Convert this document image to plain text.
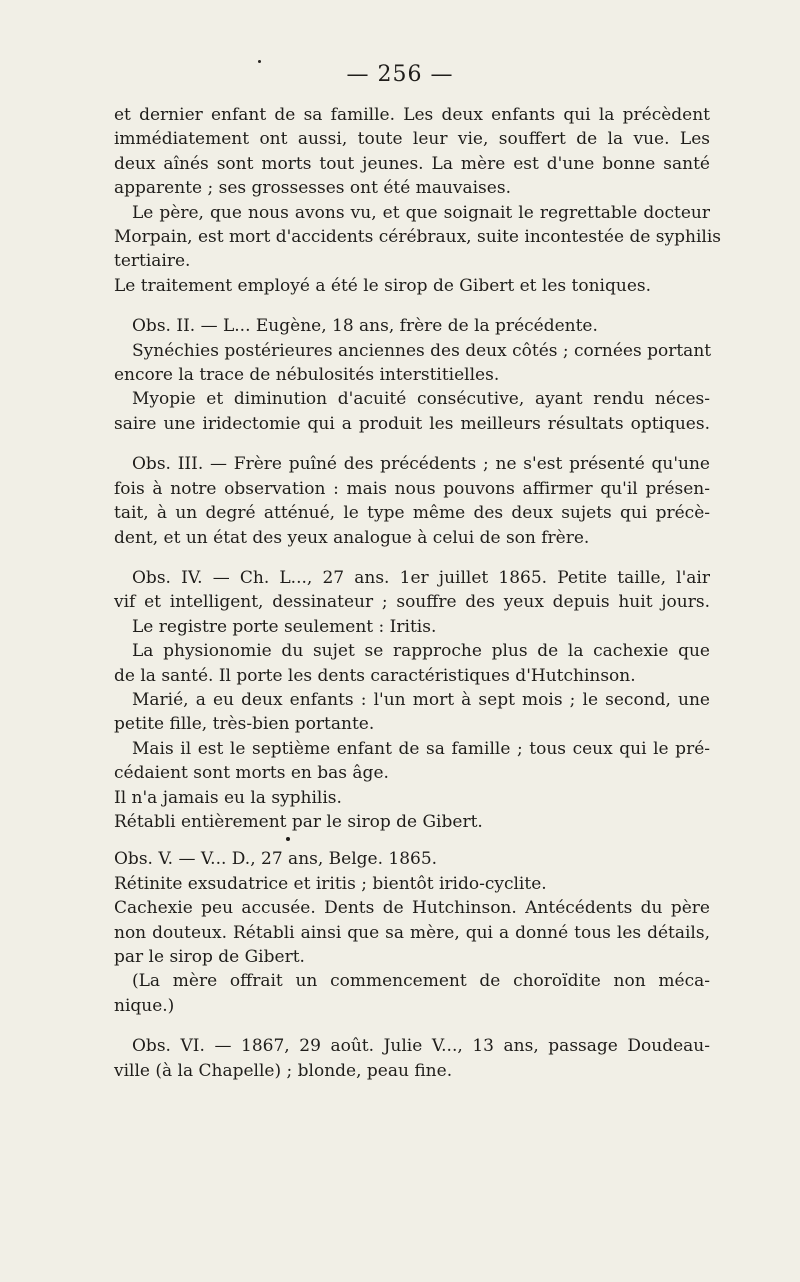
— 256 —
et dernier enfant de sa famille. Les deux enfants qui la précèdent
immédiatement ont aussi, toute leur vie, souffert de la vue. Les
deux aînés sont morts tout jeunes. La mère est d'une bonne santé
apparente ; ses grossesses ont été mauvaises.
Le père, que nous avons vu, et que soignait le regrettable docteur
Morpain, est mort d'accidents cérébraux, suite incontestée de syphilis
tertiaire.
Le traitement employé a été le sirop de Gibert et les toniques.
Obs. II. — L... Eugène, 18 ans, frère de la précédente.
Synéchies postérieures anciennes des deux côtés ; cornées portant
encore la trace de nébulosités interstitielles.
Myopie et diminution d'acuité consécutive, ayant rendu néces-
saire une iridectomie qui a produit les meilleurs résultats optiques.
Obs. III. — Frère puîné des précédents ; ne s'est présenté qu'une
fois à notre observation : mais nous pouvons affirmer qu'il présen-
tait, à un degré atténué, le type même des deux sujets qui précè-
dent, et un état des yeux analogue à celui de son frère.
Obs. IV. — Ch. L..., 27 ans. 1er juillet 1865. Petite taille, l'air
vif et intelligent, dessinateur ; souffre des yeux depuis huit jours.
Le registre porte seulement : Iritis.
La physionomie du sujet se rapproche plus de la cachexie que
de la santé. Il porte les dents caractéristiques d'Hutchinson.
Marié, a eu deux enfants : l'un mort à sept mois ; le second, une
petite fille, très-bien portante.
Mais il est le septième enfant de sa famille ; tous ceux qui le pré-
cédaient sont morts en bas âge.
Il n'a jamais eu la syphilis.
Rétabli entièrement par le sirop de Gibert.
Obs. V. — V... D., 27 ans, Belge. 1865.
Rétinite exsudatrice et iritis ; bientôt irido-cyclite.
Cachexie peu accusée. Dents de Hutchinson. Antécédents du père
non douteux. Rétabli ainsi que sa mère, qui a donné tous les détails,
par le sirop de Gibert.
(La mère offrait un commencement de choroïdite non méca-
nique.)
Obs. VI. — 1867, 29 août. Julie V..., 13 ans, passage Doudeau-
ville (à la Chapelle) ; blonde, peau fine.
